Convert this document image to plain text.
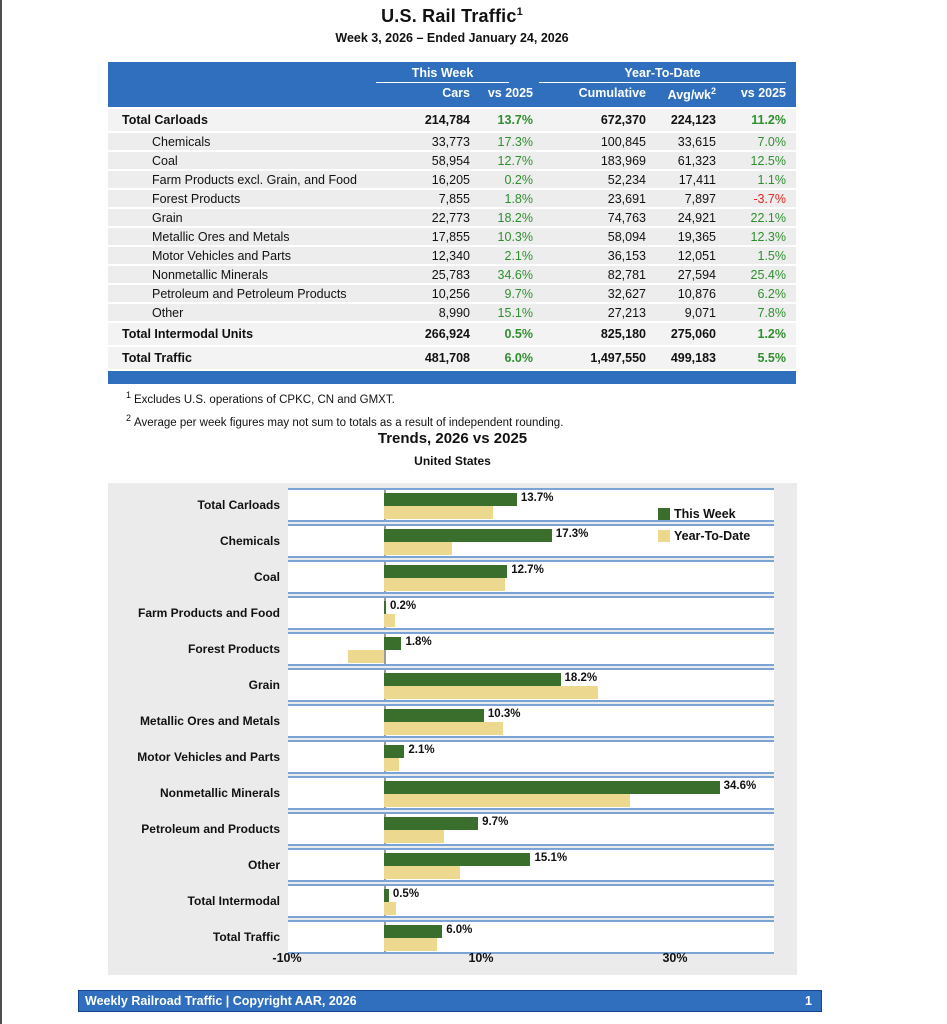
U.S. Rail Traffic$^1$
Week 3, 2026 – Ended January 24, 2026
This Week	Year-To-Date
Cars	vs 2025	Cumulative	Avg/$wk^2$	vs 2025
Total Carloads	214,784	13.7%	672,370	224,123	11.2%
Chemicals	33,773	17.3%	100,845	33,615	7.0%
Coal	58,954	12.7%	183,969	61,323	12.5%
Farm Products excl. Grain, and Food	16,205	0.2%	52,234	17,411	1.1%
Forest Products	7,855	1.8%	23,691	7,897	-3.7%
Grain	22,773	18.2%	74,763	24,921	22.1%
Metallic Ores and Metals	17,855	10.3%	58,094	19,365	12.3%
Motor Vehicles and Parts	12,340	2.1%	36,153	12,051	1.5%
Nonmetallic Minerals	25,783	34.6%	82,781	27,594	25.4%
Petroleum and Petroleum Products	10,256	9.7%	32,627	10,876	6.2%
Other	8,990	15.1%	27,213	9,071	7.8%
Total Intermodal Units	266,924	0.5%	825,180	275,060	1.2%
Total Traffic	481,708	6.0%	1,497,550	499,183	5.5%
$^1$ Excludes U.S. operations of CPKC, CN and GMXT.
$^2$ Average per week figures may not sum to totals as a result of independent rounding.
Trends, 2026 vs 2025
United States
Total Carloads	13.7%
Chemicals	17.3%
Coal	12.7%
Farm Products and Food	0.2%
Forest Products	1.8%
Grain	18.2%
Metallic Ores and Metals	10.3%
Motor Vehicles and Parts	2.1%
Nonmetallic Minerals	34.6%
Petroleum and Products	9.7%
Other	15.1%
Total Intermodal	0.5%
Total Traffic	6.0%
This Week
Year-To-Date
-10%	10%	30%
Weekly Railroad Traffic | Copyright AAR, 2026	1
